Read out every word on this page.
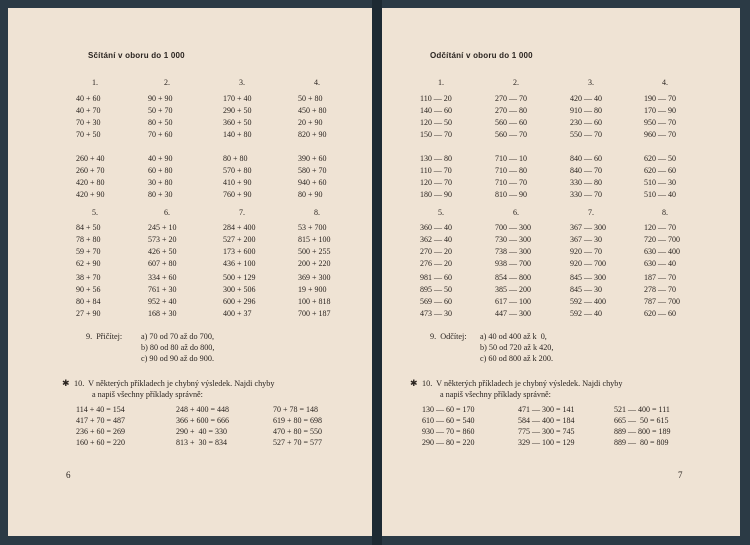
Sčítání v oboru do 1 000
1.	2.	3.	4.
40 + 60	90 + 90	170 + 40	50 + 80
40 + 70	50 + 70	290 + 50	450 + 80
70 + 30	80 + 50	360 + 50	20 + 90
70 + 50	70 + 60	140 + 80	820 + 90
260 + 40	40 + 90	80 + 80	390 + 60
260 + 70	60 + 80	570 + 80	580 + 70
420 + 80	30 + 80	410 + 90	940 + 60
420 + 90	80 + 30	760 + 90	80 + 90
5.	6.	7.	8.
84 + 50	245 + 10	284 + 400	53 + 700
78 + 80	573 + 20	527 + 200	815 + 100
59 + 70	426 + 50	173 + 600	500 + 255
62 + 90	607 + 80	436 + 100	200 + 220
38 + 70	334 + 60	500 + 129	369 + 300
90 + 56	761 + 30	300 + 506	19 + 900
80 + 84	952 + 40	600 + 296	100 + 818
27 + 90	168 + 30	400 + 37	700 + 187
9.  Přičítej: a) 70 od 70 až do 700,
b) 80 od 80 až do 800,
c) 90 od 90 až do 900.
✱ 10.  V některých příkladech je chybný výsledek. Najdi chyby
a napiš všechny příklady správně:
114 + 40 = 154	248 + 400 = 448	70 + 78 = 148
417 + 70 = 487	366 + 600 = 666	619 + 80 = 698
236 + 60 = 269	290 +  40 = 330	470 + 80 = 550
160 + 60 = 220	813 +  30 = 834	527 + 70 = 577
6
Odčítání v oboru do 1 000
1.	2.	3.	4.
110 — 20	270 — 70	420 — 40	190 — 70
140 — 60	270 — 80	910 — 80	170 — 90
120 — 50	560 — 60	230 — 60	950 — 70
150 — 70	560 — 70	550 — 70	960 — 70
130 — 80	710 — 10	840 — 60	620 — 50
110 — 70	710 — 80	840 — 70	620 — 60
120 — 70	710 — 70	330 — 80	510 — 30
180 — 90	810 — 90	330 — 70	510 — 40
5.	6.	7.	8.
360 — 40	700 — 300	367 — 300	120 — 70
362 — 40	730 — 300	367 — 30	720 — 700
270 — 20	738 — 300	920 — 70	630 — 400
276 — 20	938 — 700	920 — 700	630 — 40
981 — 60	854 — 800	845 — 300	187 — 70
895 — 50	385 — 200	845 — 30	278 — 70
569 — 60	617 — 100	592 — 400	787 — 700
473 — 30	447 — 300	592 — 40	620 — 60
9.  Odčítej: a) 40 od 400 až k  0,
b) 50 od 720 až k 420,
c) 60 od 800 až k 200.
✱ 10.  V některých příkladech je chybný výsledek. Najdi chyby
a napiš všechny příklady správně:
130 — 60 = 170	471 — 300 = 141	521 — 400 = 111
610 — 60 = 540	584 — 400 = 184	665 —  50 = 615
930 — 70 = 860	775 — 300 = 745	889 — 800 = 189
290 — 80 = 220	329 — 100 = 129	889 —  80 = 809
7
